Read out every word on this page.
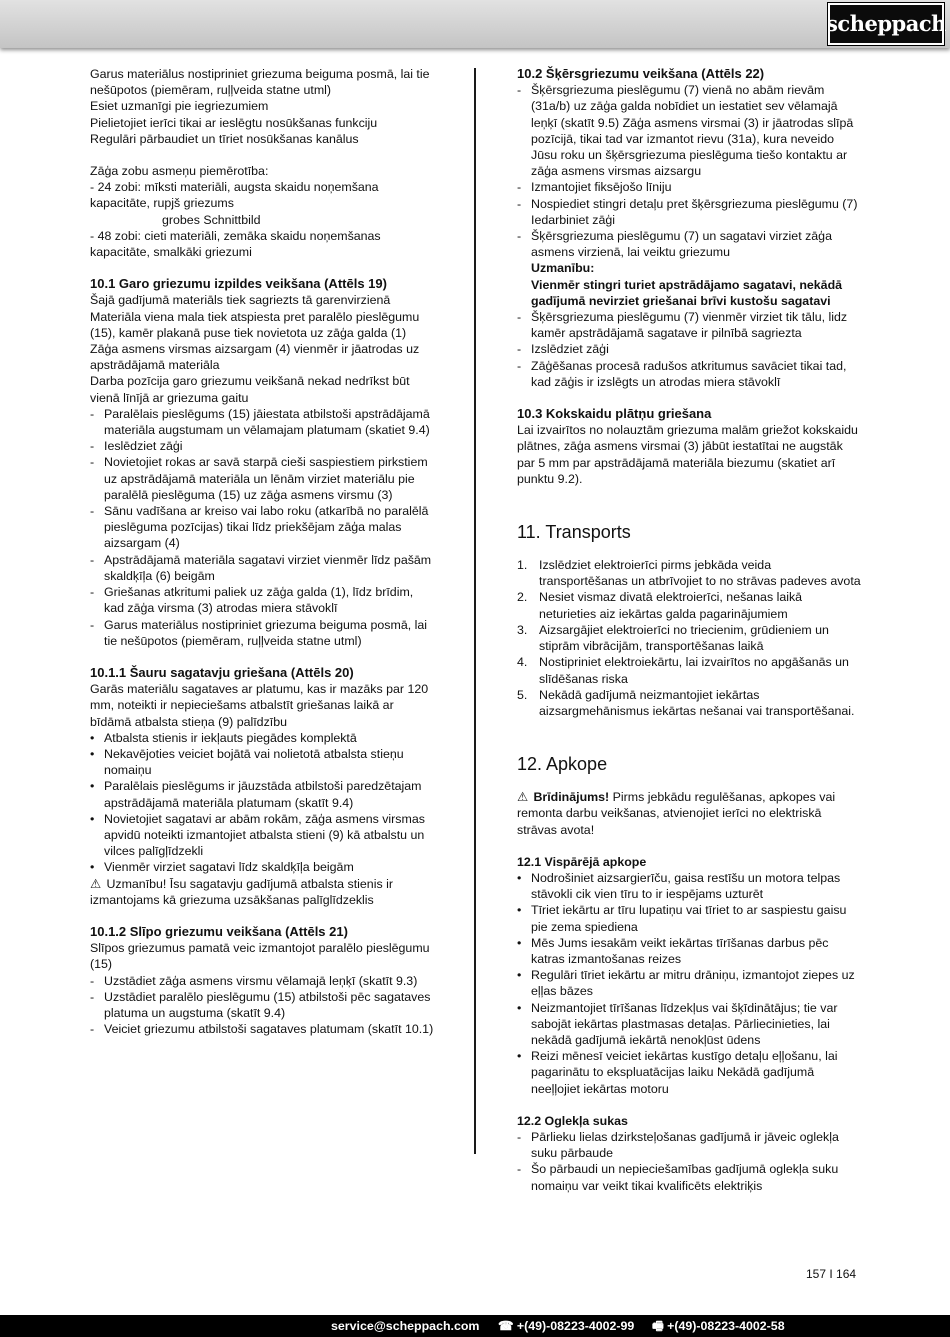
scheppach

Garus materiālus nostipriniet griezuma beiguma posmā, lai tie nešūpotos (piemēram, ruļļveida statne utml)

Esiet uzmanīgi pie iegriezumiem

Pielietojiet ierīci tikai ar ieslēgtu nosūkšanas funkciju

Regulāri pārbaudiet un tīriet nosūkšanas kanālus

Zāģa zobu asmeņu piemērotība:

- 24 zobi: mīksti materiāli, augsta skaidu noņemšana kapacitāte, rupjš griezums

grobes Schnittbild

- 48 zobi: cieti materiāli, zemāka skaidu noņemšanas kapacitāte, smalkāki griezumi

10.1 Garo griezumu izpildes veikšana (Attēls 19)

Šajā gadījumā materiāls tiek sagriezts tā garenvirzienā

Materiāla viena mala tiek atspiesta pret paralēlo pieslēgumu (15), kamēr plakanā puse tiek novietota uz zāģa galda (1)

Zāģa asmens virsmas aizsargam (4) vienmēr ir jāatrodas uz apstrādājamā materiāla

Darba pozīcija garo griezumu veikšanā nekad nedrīkst būt vienā līnījā ar griezuma gaitu

- Paralēlais pieslēgums (15) jāiestata atbilstoši apstrādājamā materiāla augstumam un vēlamajam platumam (skatiet 9.4)
- Ieslēdziet zāģi
- Novietojiet rokas ar savā starpā cieši saspiestiem pirkstiem uz apstrādājamā materiāla un lēnām virziet materiālu pie paralēlā pieslēguma (15) uz zāģa asmens virsmu (3)
- Sānu vadīšana ar kreiso vai labo roku (atkarībā no paralēlā pieslēguma pozīcijas) tikai līdz priekšējam zāģa malas aizsargam (4)
- Apstrādājamā materiāla sagatavi virziet vienmēr līdz pašām skaldķīļa (6) beigām
- Griešanas atkritumi paliek uz zāģa galda (1), līdz brīdim, kad zāģa virsma (3) atrodas miera stāvoklī
- Garus materiālus nostipriniet griezuma beiguma posmā, lai tie nešūpotos (piemēram, ruļļveida statne utml)

10.1.1 Šauru sagatavju griešana (Attēls 20)

Garās materiālu sagataves ar platumu, kas ir mazāks par 120 mm, noteikti ir nepieciešams atbalstīt griešanas laikā ar bīdāmā atbalsta stieņa (9) palīdzību

• Atbalsta stienis ir iekļauts piegādes komplektā
• Nekavējoties veiciet bojātā vai nolietotā atbalsta stieņu nomaiņu
• Paralēlais pieslēgums ir jāuzstāda atbilstoši paredzētajam apstrādājamā materiāla platumam (skatīt 9.4)
• Novietojiet sagatavi ar abām rokām, zāģa asmens virsmas apvidū noteikti izmantojiet atbalsta stieni (9) kā atbalstu un vilces palīgļīdzekli
• Vienmēr virziet sagatavi līdz skaldķīļa beigām

⚠ Uzmanību! Īsu sagatavju gadījumā atbalsta stienis ir izmantojams kā griezuma uzsākšanas palīglīdzeklis

10.1.2 Slīpo griezumu veikšana (Attēls 21)

Slīpos griezumus pamatā veic izmantojot paralēlo pieslēgumu (15)

- Uzstādiet zāģa asmens virsmu vēlamajā leņķī (skatīt 9.3)
- Uzstādiet paralēlo pieslēgumu (15) atbilstoši pēc sagataves platuma un augstuma (skatīt 9.4)
- Veiciet griezumu atbilstoši sagataves platumam (skatīt 10.1)

10.2 Šķērsgriezumu veikšana (Attēls 22)

- Šķērsgriezuma pieslēgumu (7) vienā no abām rievām (31a/b) uz zāģa galda nobīdiet un iestatiet sev vēlamajā leņķī (skatīt 9.5) Zāģa asmens virsmai (3) ir jāatrodas slīpā pozīcijā, tikai tad var izmantot rievu (31a), kura neveido Jūsu roku un šķērsgriezuma pieslēguma tiešo kontaktu ar zāģa asmens virsmas aizsargu
- Izmantojiet fiksējošo līniju
- Nospiediet stingri detaļu pret šķērsgriezuma pieslēgumu (7) Iedarbiniet zāģi
- Šķērsgriezuma pieslēgumu (7) un sagatavi virziet zāģa asmens virzienā, lai veiktu griezumu

Uzmanību:

Vienmēr stingri turiet apstrādājamo sagatavi, nekādā gadījumā nevirziet griešanai brīvi kustošu sagatavi

- Šķērsgriezuma pieslēgumu (7) vienmēr virziet tik tālu, lidz kamēr apstrādājamā sagatave ir pilnībā sagriezta
- Izslēdziet zāģi
- Zāģēšanas procesā radušos atkritumus savāciet tikai tad, kad zāģis ir izslēgts un atrodas miera stāvoklī

10.3 Kokskaidu plātņu griešana

Lai izvairītos no nolauztām griezuma malām griežot kokskaidu plātnes, zāģa asmens virsmai (3) jābūt iestatītai ne augstāk par 5 mm par apstrādājamā materiāla biezumu (skatiet arī punktu 9.2).

11. Transports

1. Izslēdziet elektroierīci pirms jebkāda veida transportēšanas un atbrīvojiet to no strāvas padeves avota
2. Nesiet vismaz divatā elektroierīci, nešanas laikā neturieties aiz iekārtas galda pagarinājumiem
3. Aizsargājiet elektroierīci no triecienim, grūdieniem un stiprām vibrācijām, transportēšanas laikā
4. Nostipriniet elektroiekārtu, lai izvairītos no apgāšanās un slīdēšanas riska
5. Nekādā gadījumā neizmantojiet iekārtas aizsargmehānismus iekārtas nešanai vai transportēšanai.

12. Apkope

⚠ Brīdinājums! Pirms jebkādu regulēšanas, apkopes vai remonta darbu veikšanas, atvienojiet ierīci no elektriskā strāvas avota!

12.1 Vispārējā apkope

• Nodrošiniet aizsargierīču, gaisa restīšu un motora telpas stāvokli cik vien tīru to ir iespējams uzturēt
• Tīriet iekārtu ar tīru lupatiņu vai tīriet to ar saspiestu gaisu pie zema spiediena
• Mēs Jums iesakām veikt iekārtas tīrīšanas darbus pēc katras izmantošanas reizes
• Regulāri tīriet iekārtu ar mitru drāniņu, izmantojot ziepes uz eļļas bāzes
• Neizmantojiet tīrīšanas līdzekļus vai šķīdinātājus; tie var sabojāt iekārtas plastmasas detaļas. Pārliecinieties, lai nekādā gadījumā iekārtā nenokļūst ūdens
• Reizi mēnesī veiciet iekārtas kustīgo detaļu eļļošanu, lai pagarinātu to ekspluatācijas laiku Nekādā gadījumā neeļļojiet iekārtas motoru

12.2 Oglekļa sukas

- Pārlieku lielas dzirksteļošanas gadījumā ir jāveic oglekļa suku pārbaude
- Šo pārbaudi un nepieciešamības gadījumā oglekļa suku nomaiņu var veikt tikai kvalificēts elektriķis
157 I 164
service@scheppach.com ☎ +(49)-08223-4002-99 🖷 +(49)-08223-4002-58
